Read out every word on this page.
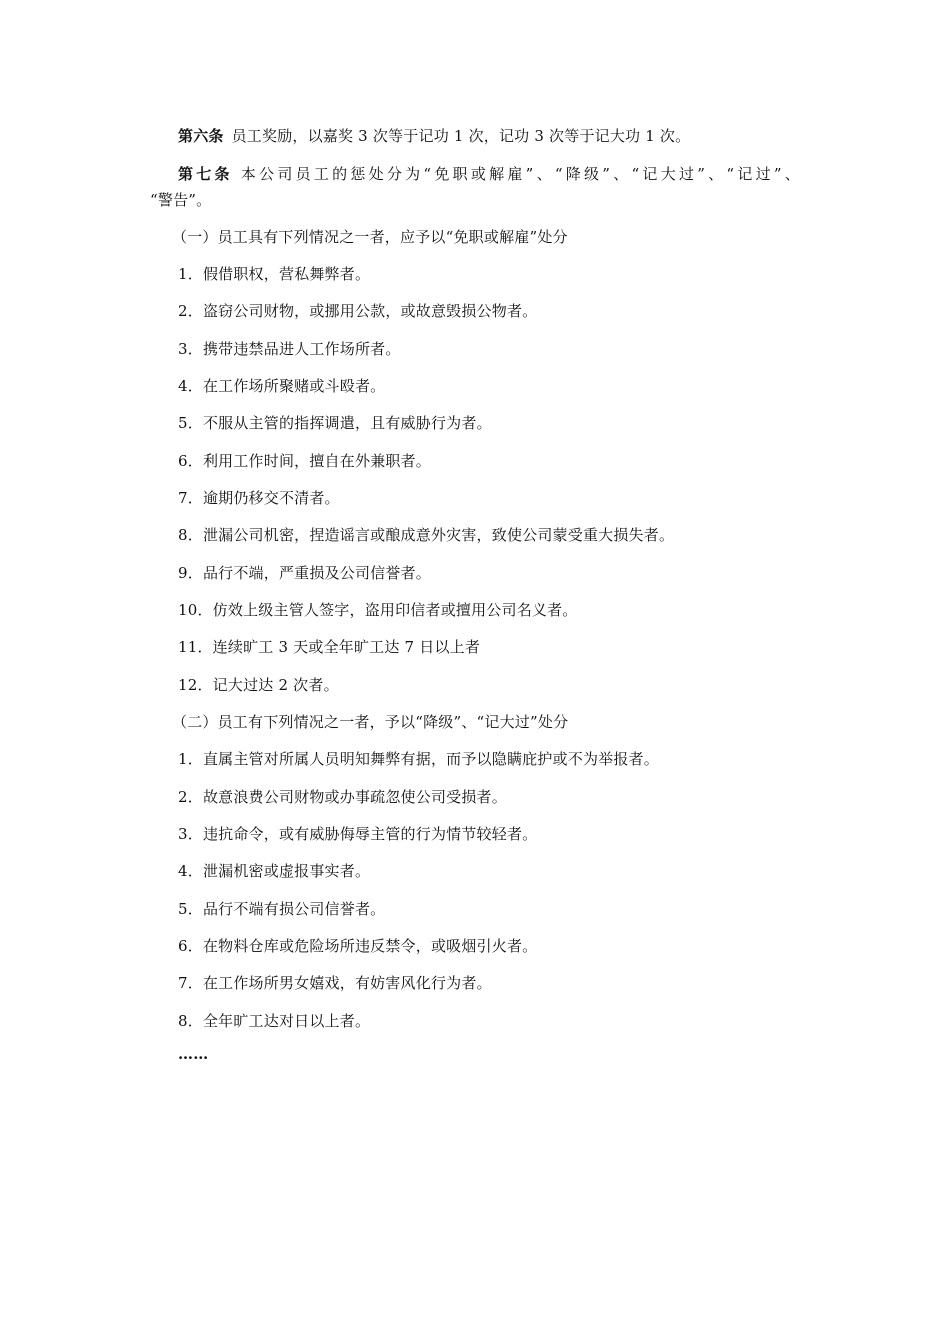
第六条 员工奖励，以嘉奖 3 次等于记功 1 次，记功 3 次等于记大功 1 次。
第七条 本公司员工的惩处分为“免职或解雇”、“降级”、“记大过”、“记过”、
“警告”。
（一）员工具有下列情况之一者，应予以“免职或解雇”处分
1．假借职权，营私舞弊者。
2．盗窃公司财物，或挪用公款，或故意毁损公物者。
3．携带违禁品进人工作场所者。
4．在工作场所聚赌或斗殴者。
5．不服从主管的指挥调遣，且有威胁行为者。
6．利用工作时间，擅自在外兼职者。
7．逾期仍移交不清者。
8．泄漏公司机密，捏造谣言或酿成意外灾害，致使公司蒙受重大损失者。
9．品行不端，严重损及公司信誉者。
10．仿效上级主管人签字，盗用印信者或擅用公司名义者。
11．连续旷工 3 天或全年旷工达 7 日以上者
12．记大过达 2 次者。
（二）员工有下列情况之一者，予以“降级”、“记大过”处分
1．直属主管对所属人员明知舞弊有据，而予以隐瞒庇护或不为举报者。
2．故意浪费公司财物或办事疏忽使公司受损者。
3．违抗命令，或有威胁侮辱主管的行为情节较轻者。
4．泄漏机密或虚报事实者。
5．品行不端有损公司信誉者。
6．在物料仓库或危险场所违反禁令，或吸烟引火者。
7．在工作场所男女嬉戏，有妨害风化行为者。
8．全年旷工达对日以上者。
……
